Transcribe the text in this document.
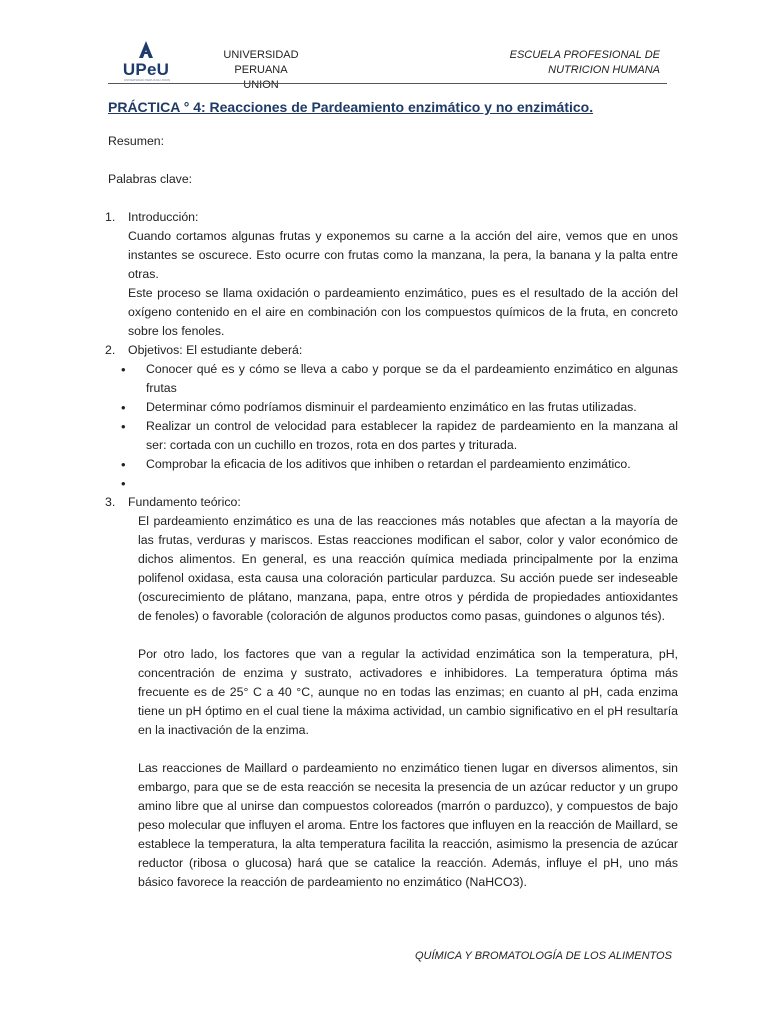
UPeU
UNIVERSIDAD PERUANA UNION
UNIVERSIDAD PERUANA
UNION
ESCUELA PROFESIONAL DE
NUTRICION HUMANA
PRÁCTICA ° 4: Reacciones de Pardeamiento enzimático y no enzimático.

Resumen:

Palabras clave:

1.	Introducción:
Cuando cortamos algunas frutas y exponemos su carne a la acción del aire, vemos que en unos instantes se oscurece. Esto ocurre con frutas como la manzana, la pera, la banana y la palta entre otras.
Este proceso se llama oxidación o pardeamiento enzimático, pues es el resultado de la acción del oxígeno contenido en el aire en combinación con los compuestos químicos de la fruta, en concreto sobre los fenoles.
2.	Objetivos: El estudiante deberá:
• Conocer qué es y cómo se lleva a cabo y porque se da el pardeamiento enzimático en algunas frutas
• Determinar cómo podríamos disminuir el pardeamiento enzimático en las frutas utilizadas.
• Realizar un control de velocidad para establecer la rapidez de pardeamiento en la manzana al ser: cortada con un cuchillo en trozos, rota en dos partes y triturada.
• Comprobar la eficacia de los aditivos que inhiben o retardan el pardeamiento enzimático.
•
3.	Fundamento teórico:
El pardeamiento enzimático es una de las reacciones más notables que afectan a la mayoría de las frutas, verduras y mariscos. Estas reacciones modifican el sabor, color y valor económico de dichos alimentos. En general, es una reacción química mediada principalmente por la enzima polifenol oxidasa, esta causa una coloración particular parduzca. Su acción puede ser indeseable (oscurecimiento de plátano, manzana, papa, entre otros y pérdida de propiedades antioxidantes de fenoles) o favorable (coloración de algunos productos como pasas, guindones o algunos tés).
Por otro lado, los factores que van a regular la actividad enzimática son la temperatura, pH, concentración de enzima y sustrato, activadores e inhibidores. La temperatura óptima más frecuente es de 25° C a 40 °C, aunque no en todas las enzimas; en cuanto al pH, cada enzima tiene un pH óptimo en el cual tiene la máxima actividad, un cambio significativo en el pH resultaría en la inactivación de la enzima.
Las reacciones de Maillard o pardeamiento no enzimático tienen lugar en diversos alimentos, sin embargo, para que se de esta reacción se necesita la presencia de un azúcar reductor y un grupo amino libre que al unirse dan compuestos coloreados (marrón o parduzco), y compuestos de bajo peso molecular que influyen el aroma. Entre los factores que influyen en la reacción de Maillard, se establece la temperatura, la alta temperatura facilita la reacción, asimismo la presencia de azúcar reductor (ribosa o glucosa) hará que se catalice la reacción. Además, influye el pH, uno más básico favorece la reacción de pardeamiento no enzimático (NaHCO3).
QUÍMICA Y BROMATOLOGÍA DE LOS ALIMENTOS
